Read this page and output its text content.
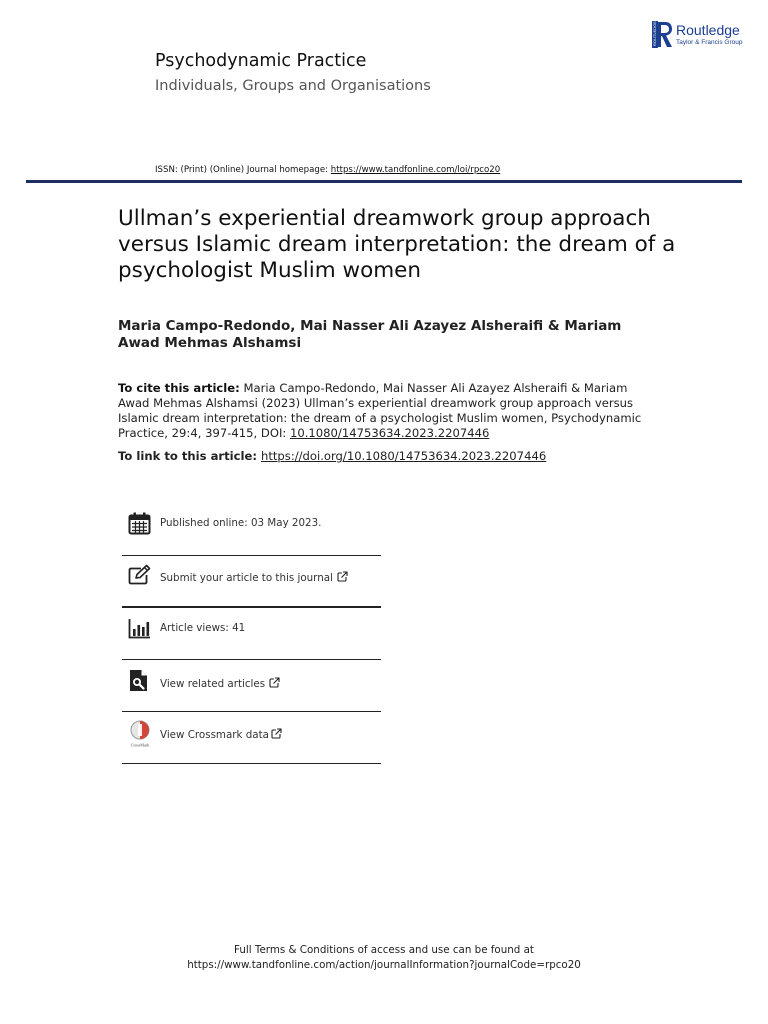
ROUTLEDGE Routledge
Taylor & Francis Group
Psychodynamic Practice
Individuals, Groups and Organisations
ISSN: (Print) (Online) Journal homepage: https://www.tandfonline.com/loi/rpco20
Ullman’s experiential dreamwork group approach versus Islamic dream interpretation: the dream of a psychologist Muslim women
Maria Campo-Redondo, Mai Nasser Ali Azayez Alsheraifi & Mariam Awad Mehmas Alshamsi
To cite this article: Maria Campo-Redondo, Mai Nasser Ali Azayez Alsheraifi & Mariam Awad Mehmas Alshamsi (2023) Ullman’s experiential dreamwork group approach versus Islamic dream interpretation: the dream of a psychologist Muslim women, Psychodynamic Practice, 29:4, 397-415, DOI: 10.1080/14753634.2023.2207446
To link to this article: https://doi.org/10.1080/14753634.2023.2207446
Published online: 03 May 2023.
Submit your article to this journal
Article views: 41
View related articles
CrossMark
View Crossmark data
Full Terms & Conditions of access and use can be found at
https://www.tandfonline.com/action/journalInformation?journalCode=rpco20
